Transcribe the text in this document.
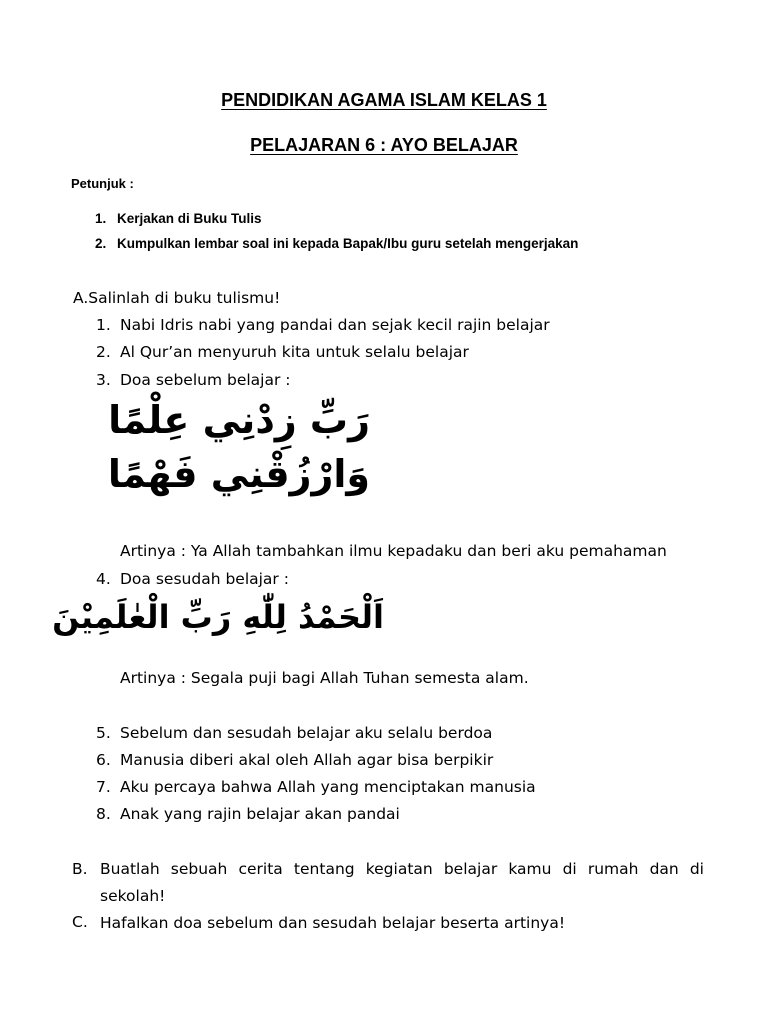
PENDIDIKAN AGAMA ISLAM KELAS 1
PELAJARAN 6 : AYO BELAJAR
Petunjuk :
1. Kerjakan di Buku Tulis
2. Kumpulkan lembar soal ini kepada Bapak/Ibu guru setelah mengerjakan
A.Salinlah di buku tulismu!
1. Nabi Idris nabi yang pandai dan sejak kecil rajin belajar
2. Al Qur’an menyuruh kita untuk selalu belajar
3. Doa sebelum belajar :
رَبِّ زِدْنِي عِلْمًا
وَارْزُقْنِي فَهْمًا
Artinya : Ya Allah tambahkan ilmu kepadaku dan beri aku pemahaman
4. Doa sesudah belajar :
اَلْحَمْدُ لِلّٰهِ رَبِّ الْعٰلَمِيْنَ
Artinya : Segala puji bagi Allah Tuhan semesta alam.
5. Sebelum dan sesudah belajar aku selalu berdoa
6. Manusia diberi akal oleh Allah agar bisa berpikir
7. Aku percaya bahwa Allah yang menciptakan manusia
8. Anak yang rajin belajar akan pandai
B. Buatlah sebuah cerita tentang kegiatan belajar kamu di rumah dan di
sekolah!
C. Hafalkan doa sebelum dan sesudah belajar beserta artinya!
